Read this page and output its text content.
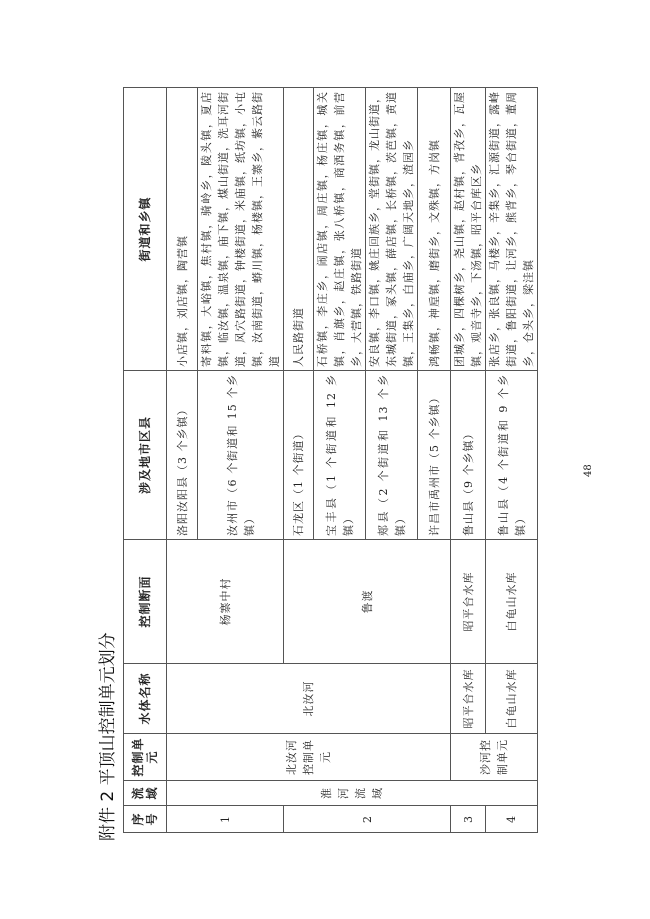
附件 2 平顶山控制单元划分 序号	流域	控制单元	水体名称	控制断面	涉及地市区县	街道和乡镇
1	淮河流域	北汝河控制单元	北汝河	杨寨中村	洛阳汝阳县（3 个乡镇）	小店镇，刘店镇，陶营镇
					汝州市（6 个街道和 15 个乡镇）	寄料镇，大峪镇，焦村镇，骑岭乡，陵头镇，夏店镇，临汝镇，温泉镇，庙下镇，煤山街道，洗耳河街道，风穴路街道，钟楼街道，米庙镇，纸坊镇，小屯镇，汝南街道，蟒川镇，杨楼镇，王寨乡，紫云路街道
2				鲁渡	石龙区（1 个街道）	人民路街道
					宝丰县（1 个街道和 12 乡镇）	石桥镇，李庄乡，闹店镇，周庄镇，杨庄镇，城关镇，肖旗乡，赵庄镇，张八桥镇，商酒务镇，前营乡，大营镇，铁路街道
					郏县（2 个街道和 13 个乡镇）	安良镇，李口镇，姚庄回族乡，堂街镇，龙山街道，东城街道，冢头镇，薛店镇，长桥镇，茨芭镇，黄道镇，王集乡，白庙乡，广阔天地乡，渣园乡
					许昌市禹州市（5 个乡镇）	鸿畅镇，神垕镇，磨街乡，文殊镇，方岗镇
3		沙河控制单元	昭平台水库	昭平台水库	鲁山县（9 个乡镇）	团城乡，四棵树乡，尧山镇，赵村镇，背孜乡，瓦屋镇，观音寺乡，下汤镇，昭平台库区乡
4			白龟山水库	白龟山水库	鲁山县（4 个街道和 9 个乡镇）	张店乡，张良镇，马楼乡，辛集乡，汇源街道，露峰街道，鲁阳街道，让河乡，熊背乡，琴台街道，董周乡，仓头乡，梁洼镇
48
